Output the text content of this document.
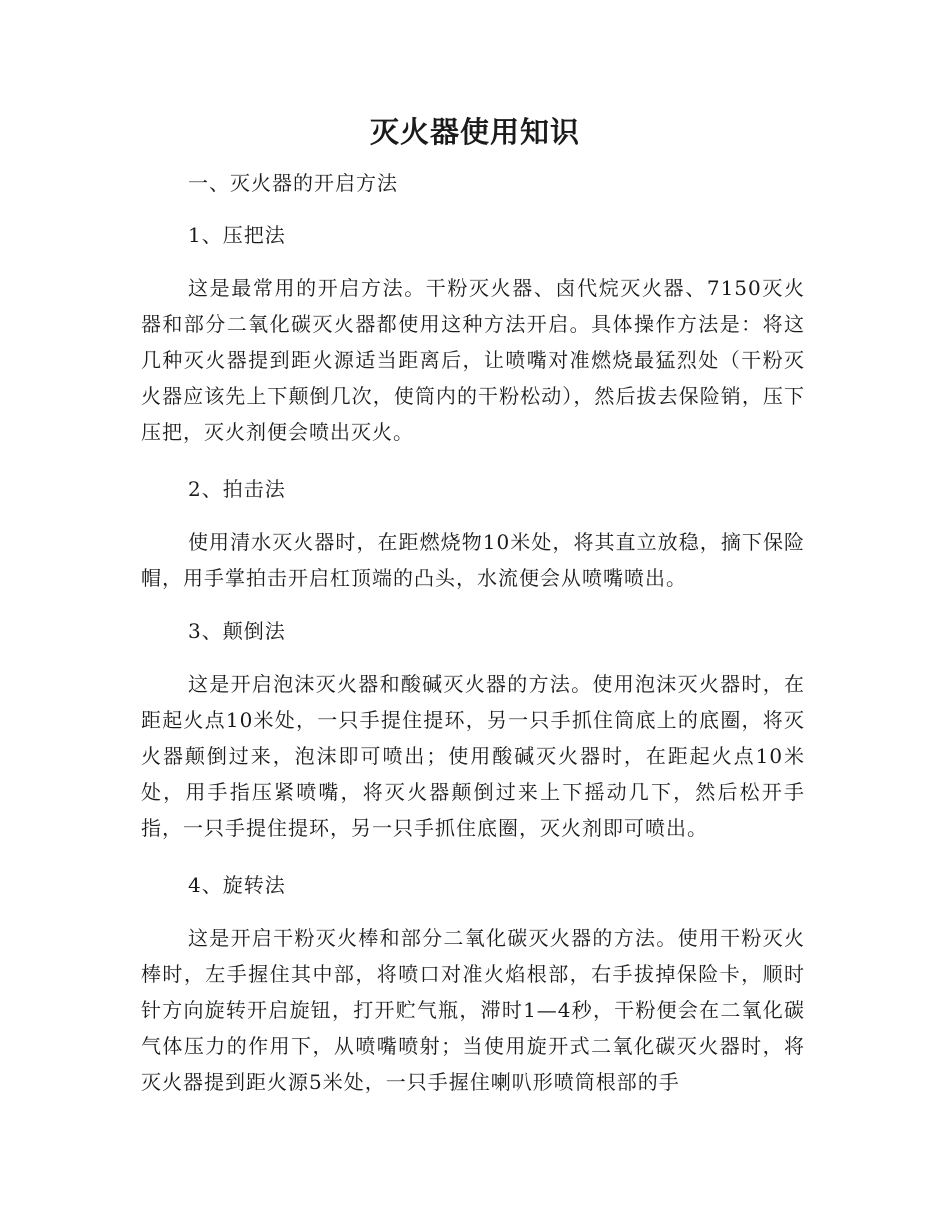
灭火器使用知识
一、灭火器的开启方法
1、压把法
这是最常用的开启方法。干粉灭火器、卤代烷灭火器、7150灭火器和部分二氧化碳灭火器都使用这种方法开启。具体操作方法是：将这几种灭火器提到距火源适当距离后，让喷嘴对准燃烧最猛烈处（干粉灭火器应该先上下颠倒几次，使筒内的干粉松动），然后拔去保险销，压下压把，灭火剂便会喷出灭火。
2、拍击法
使用清水灭火器时，在距燃烧物10米处，将其直立放稳，摘下保险帽，用手掌拍击开启杠顶端的凸头，水流便会从喷嘴喷出。
3、颠倒法
这是开启泡沫灭火器和酸碱灭火器的方法。使用泡沫灭火器时，在距起火点10米处，一只手提住提环，另一只手抓住筒底上的底圈，将灭火器颠倒过来，泡沫即可喷出；使用酸碱灭火器时，在距起火点10米处，用手指压紧喷嘴，将灭火器颠倒过来上下摇动几下，然后松开手指，一只手提住提环，另一只手抓住底圈，灭火剂即可喷出。
4、旋转法
这是开启干粉灭火棒和部分二氧化碳灭火器的方法。使用干粉灭火棒时，左手握住其中部，将喷口对准火焰根部，右手拔掉保险卡，顺时针方向旋转开启旋钮，打开贮气瓶，滞时1—4秒，干粉便会在二氧化碳气体压力的作用下，从喷嘴喷射；当使用旋开式二氧化碳灭火器时，将灭火器提到距火源5米处，一只手握住喇叭形喷筒根部的手
